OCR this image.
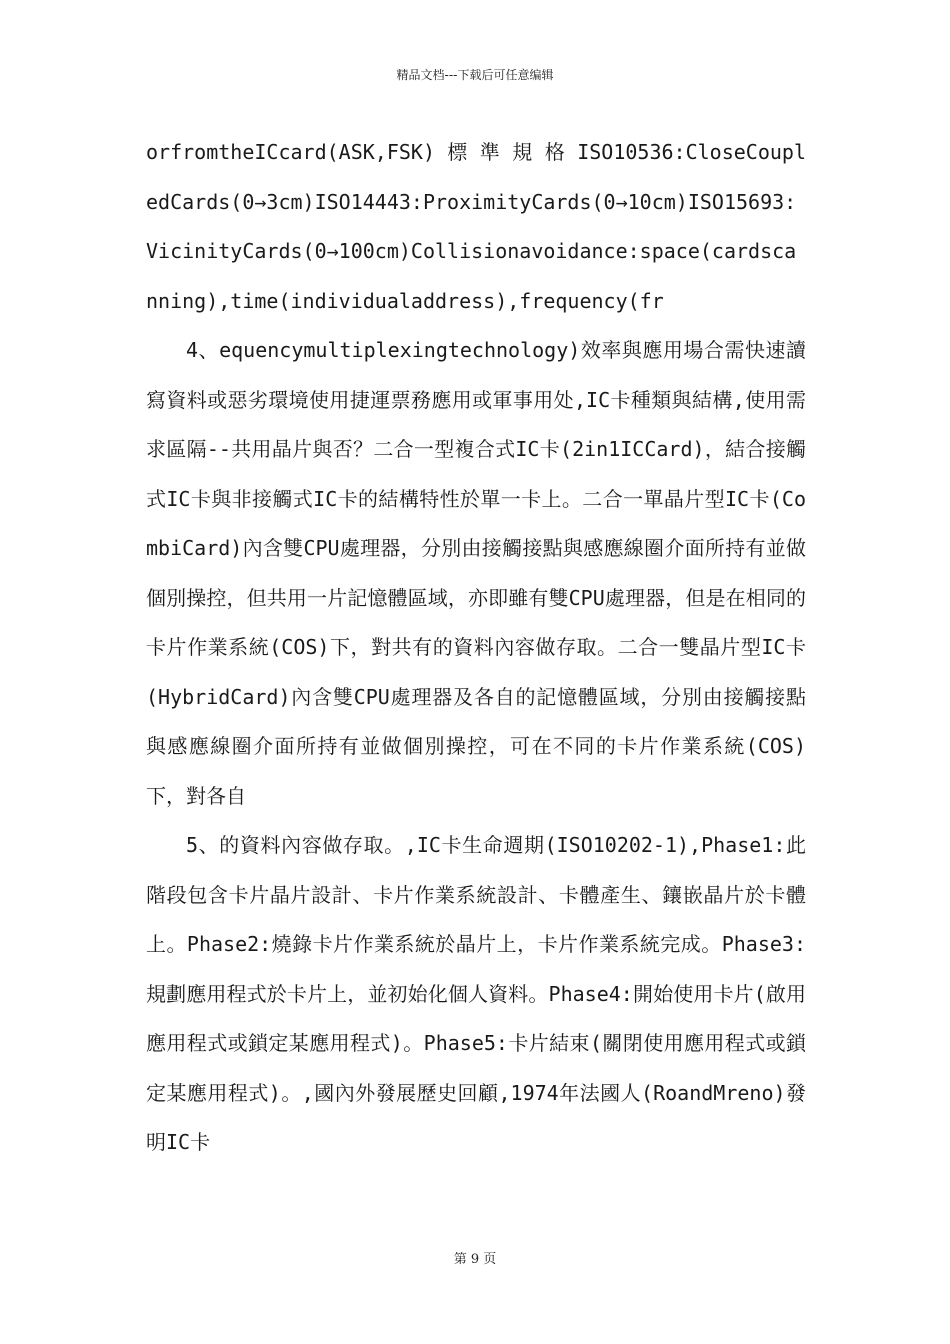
精品文档---下载后可任意编辑

orfromtheICcard(ASK,FSK) 標 準 規 格 ISO10536:CloseCoupledCards(0→3cm)ISO14443:ProximityCards(0→10cm)ISO15693:VicinityCards(0→100cm)Collisionavoidance:space(cardscanning),time(individualaddress),frequency(fr

4、equencymultiplexingtechnology)效率與應用場合需快速讀寫資料或惡劣環境使用捷運票務應用或軍事用处,IC卡種類與結構,使用需求區隔--共用晶片與否？二合一型複合式IC卡(2in1ICCard)，結合接觸式IC卡與非接觸式IC卡的結構特性於單一卡上。二合一單晶片型IC卡(CombiCard)內含雙CPU處理器，分別由接觸接點與感應線圈介面所持有並做個別操控，但共用一片記憶體區域，亦即雖有雙CPU處理器，但是在相同的卡片作業系統(COS)下，對共有的資料內容做存取。二合一雙晶片型IC卡(HybridCard)內含雙CPU處理器及各自的記憶體區域，分別由接觸接點與感應線圈介面所持有並做個別操控，可在不同的卡片作業系統(COS)下，對各自

5、的資料內容做存取。,IC卡生命週期(ISO10202-1),Phase1:此階段包含卡片晶片設計、卡片作業系統設計、卡體產生、鑲嵌晶片於卡體上。Phase2:燒錄卡片作業系統於晶片上，卡片作業系統完成。Phase3:規劃應用程式於卡片上，並初始化個人資料。Phase4:開始使用卡片(啟用應用程式或鎖定某應用程式)。Phase5:卡片結束(關閉使用應用程式或鎖定某應用程式)。,國內外發展歷史回顧,1974年法國人(RoandMreno)發明IC卡

第 9 页
